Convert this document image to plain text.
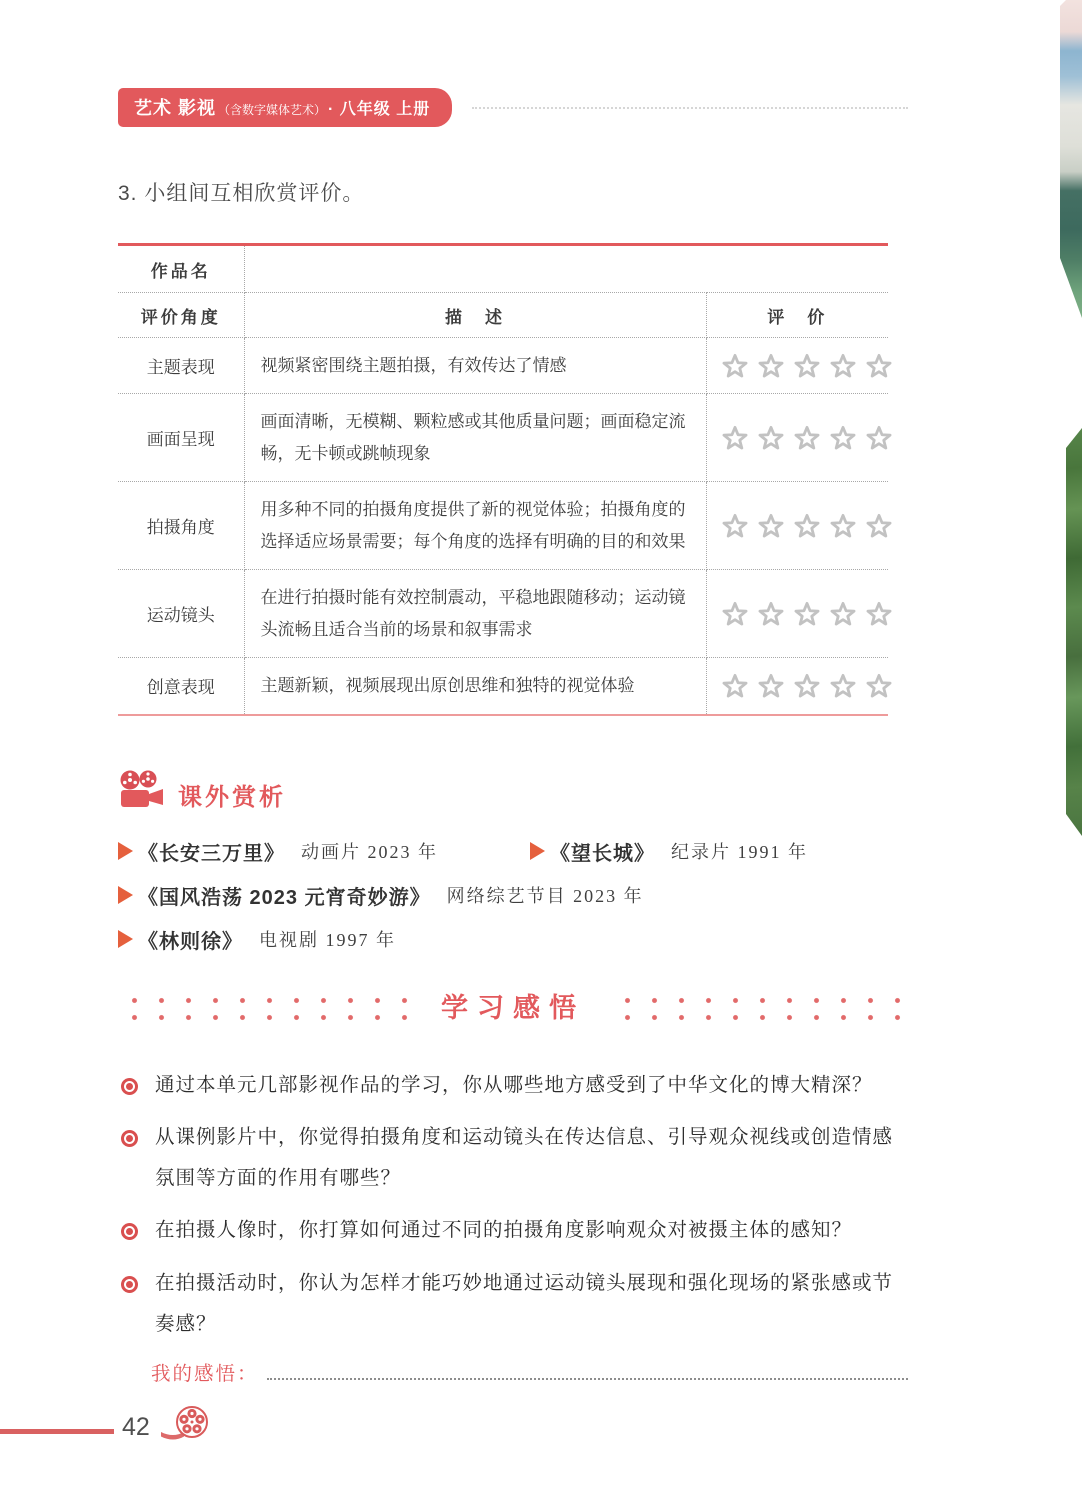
艺术 影视 （含数字媒体艺术） · 八年级 上册
3. 小组间互相欣赏评价。
作品名		
评价角度	描　述	评　价
主题表现	视频紧密围绕主题拍摄，有效传达了情感	
画面呈现	画面清晰，无模糊、颗粒感或其他质量问题；画面稳定流畅，无卡顿或跳帧现象	
拍摄角度	用多种不同的拍摄角度提供了新的视觉体验；拍摄角度的选择适应场景需要；每个角度的选择有明确的目的和效果	
运动镜头	在进行拍摄时能有效控制震动，平稳地跟随移动；运动镜头流畅且适合当前的场景和叙事需求	
创意表现	主题新颖，视频展现出原创思维和独特的视觉体验	
课外赏析
《长安三万里》 动画片 2023 年	《望长城》 纪录片 1991 年
《国风浩荡 2023 元宵奇妙游》 网络综艺节目 2023 年
《林则徐》 电视剧 1997 年
学习感悟
通过本单元几部影视作品的学习，你从哪些地方感受到了中华文化的博大精深？
从课例影片中，你觉得拍摄角度和运动镜头在传达信息、引导观众视线或创造情感氛围等方面的作用有哪些？
在拍摄人像时，你打算如何通过不同的拍摄角度影响观众对被摄主体的感知？
在拍摄活动时，你认为怎样才能巧妙地通过运动镜头展现和强化现场的紧张感或节奏感？
我的感悟：
42
